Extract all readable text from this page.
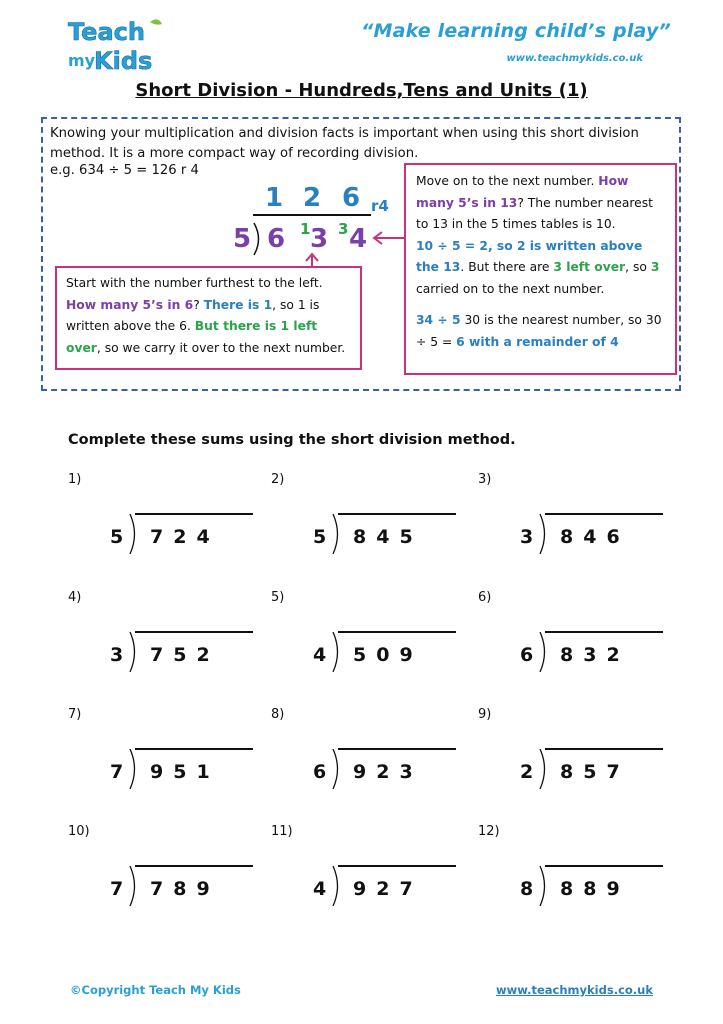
Teach
my
Kids
“Make learning child’s play”
www.teachmykids.co.uk
Short Division - Hundreds,Tens and Units (1)
Knowing your multiplication and division facts is important when using this short division method. It is a more compact way of recording division.
e.g. 634 ÷ 5 = 126 r 4
1 2 6 r4
5 6 1 3 3 4
Start with the number furthest to the left. How many 5’s in 6? There is 1, so 1 is written above the 6. But there is 1 left over, so we carry it over to the next number.
Move on to the next number. How many 5’s in 13? The number nearest to 13 in the 5 times tables is 10.
10 ÷ 5 = 2, so 2 is written above the 13. But there are 3 left over, so 3 carried on to the next number.
34 ÷ 5 30 is the nearest number, so 30 ÷ 5 = 6 with a remainder of 4
Complete these sums using the short division method.
1)
5 724
2)
5 845
3)
3 846
4)
3 752
5)
4 509
6)
6 832
7)
7 951
8)
6 923
9)
2 857
10)
7 789
11)
4 927
12)
8 889
©Copyright Teach My Kids	www.teachmykids.co.uk
